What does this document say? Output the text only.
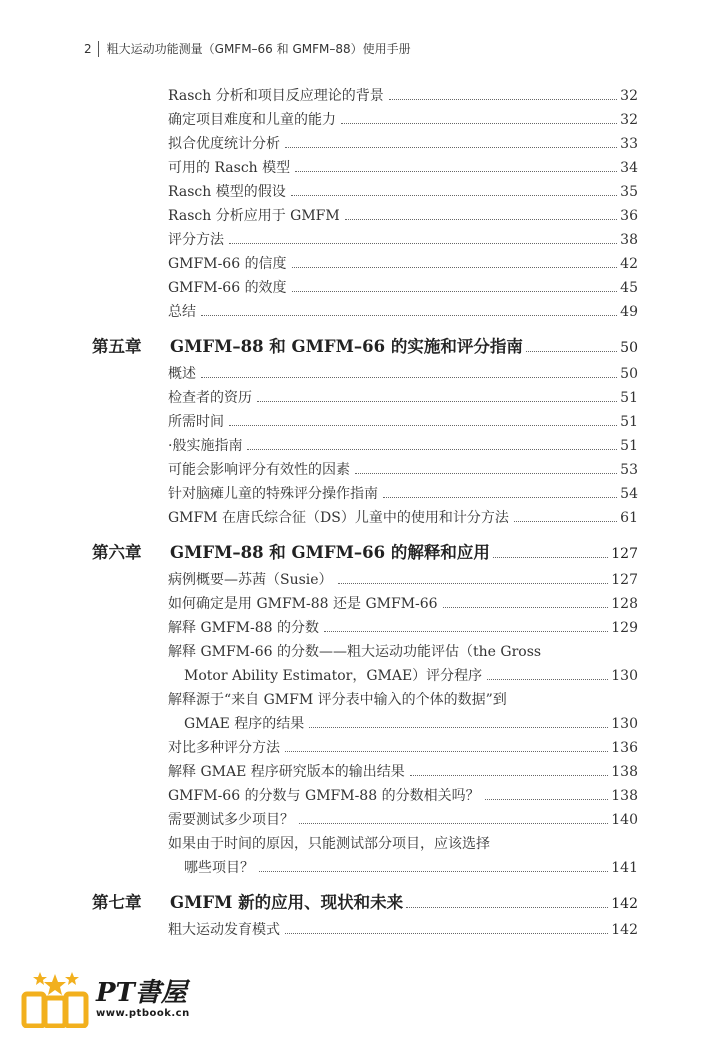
2 粗大运动功能测量（GMFM–66 和 GMFM–88）使用手册
Rasch 分析和项目反应理论的背景	32
确定项目难度和儿童的能力	32
拟合优度统计分析	33
可用的 Rasch 模型	34
Rasch 模型的假设	35
Rasch 分析应用于 GMFM	36
评分方法	38
GMFM-66 的信度	42
GMFM-66 的效度	45
总结	49
第五章	GMFM–88 和 GMFM–66 的实施和评分指南	50
概述	50
检查者的资历	51
所需时间	51
·般实施指南	51
可能会影响评分有效性的因素	53
针对脑瘫儿童的特殊评分操作指南	54
GMFM 在唐氏综合征（DS）儿童中的使用和计分方法	61
第六章	GMFM–88 和 GMFM–66 的解释和应用	127
病例概要—苏茜（Susie）	127
如何确定是用 GMFM-88 还是 GMFM-66	128
解释 GMFM-88 的分数	129
解释 GMFM-66 的分数——粗大运动功能评估（the Gross
Motor Ability Estimator，GMAE）评分程序	130
解释源于“来自 GMFM 评分表中输入的个体的数据”到
GMAE 程序的结果	130
对比多种评分方法	136
解释 GMAE 程序研究版本的输出结果	138
GMFM-66 的分数与 GMFM-88 的分数相关吗？	138
需要测试多少项目？	140
如果由于时间的原因，只能测试部分项目，应该选择
哪些项目？	141
第七章	GMFM 新的应用、现状和未来	142
粗大运动发育模式	142
PT書屋
www.ptbook.cn
